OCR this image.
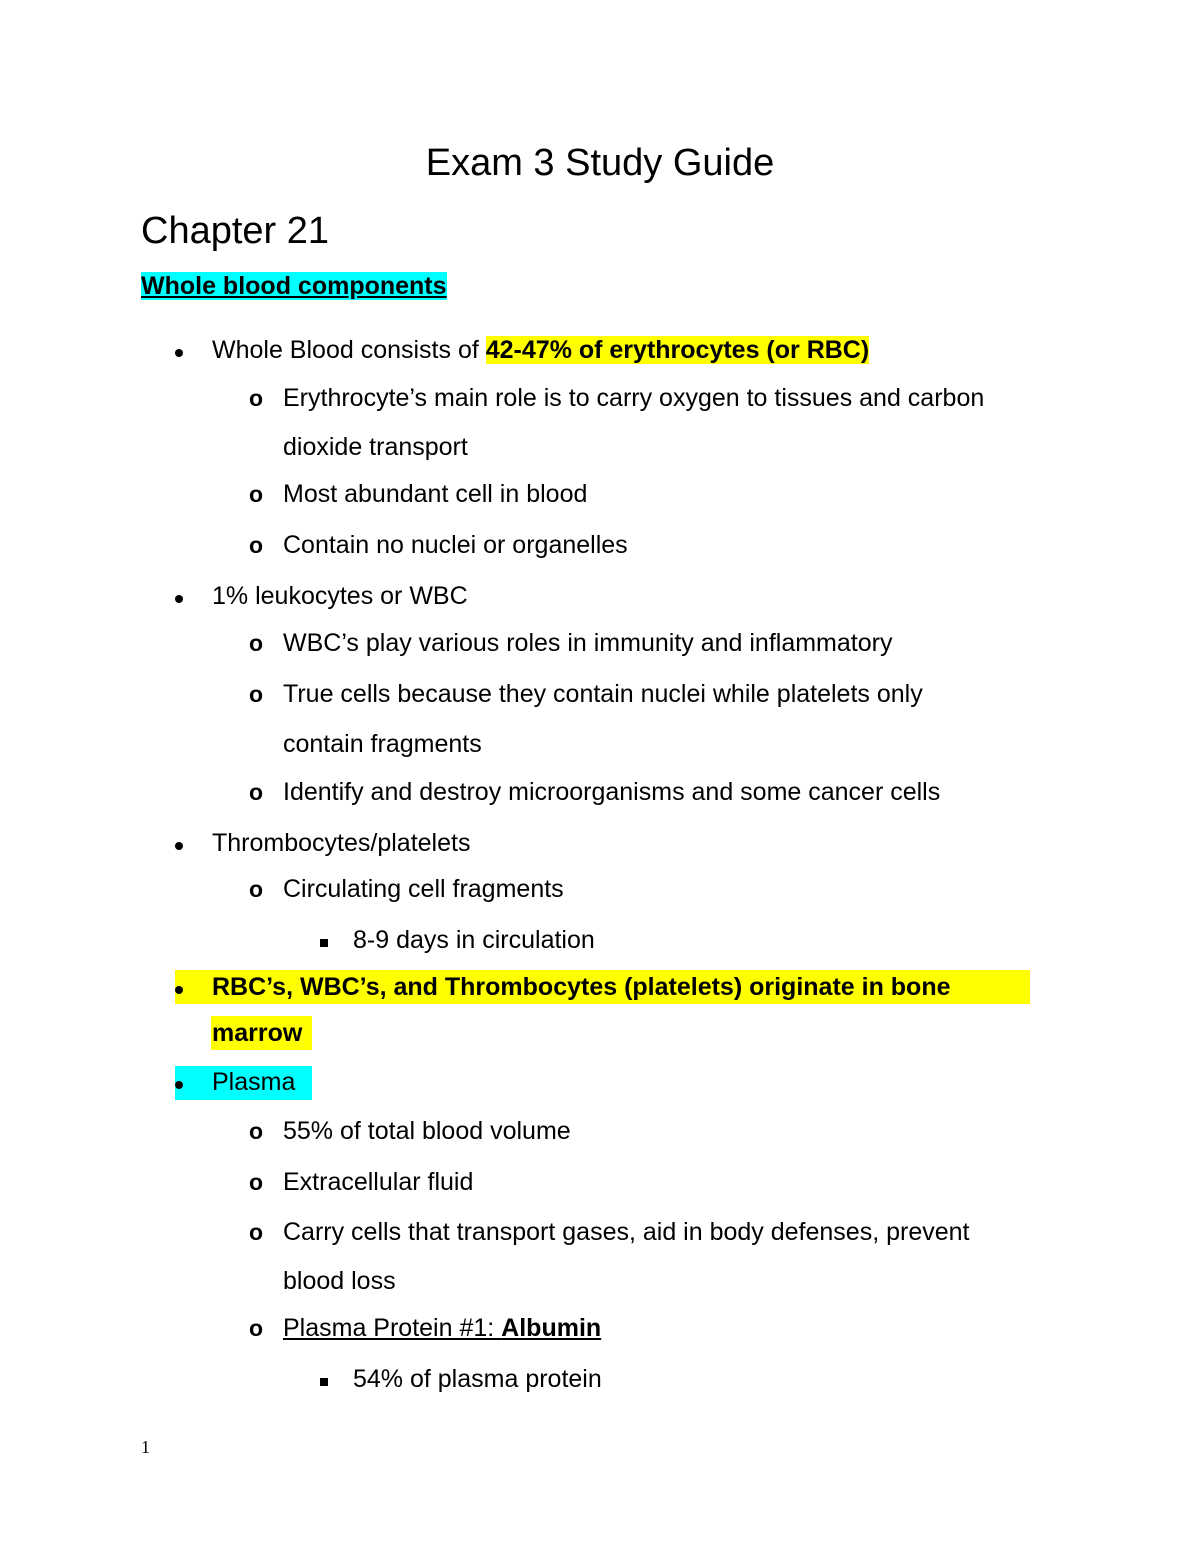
Exam 3 Study Guide
Chapter 21
Whole blood components
Whole Blood consists of 42-47% of erythrocytes (or RBC)
o Erythrocyte’s main role is to carry oxygen to tissues and carbon
dioxide transport
o Most abundant cell in blood
o Contain no nuclei or organelles
1% leukocytes or WBC
o WBC’s play various roles in immunity and inflammatory
o True cells because they contain nuclei while platelets only
contain fragments
o Identify and destroy microorganisms and some cancer cells
Thrombocytes/platelets
o Circulating cell fragments
8-9 days in circulation
RBC’s, WBC’s, and Thrombocytes (platelets) originate in bone
marrow
Plasma
o 55% of total blood volume
o Extracellular fluid
o Carry cells that transport gases, aid in body defenses, prevent
blood loss
o Plasma Protein #1: Albumin
54% of plasma protein
1
